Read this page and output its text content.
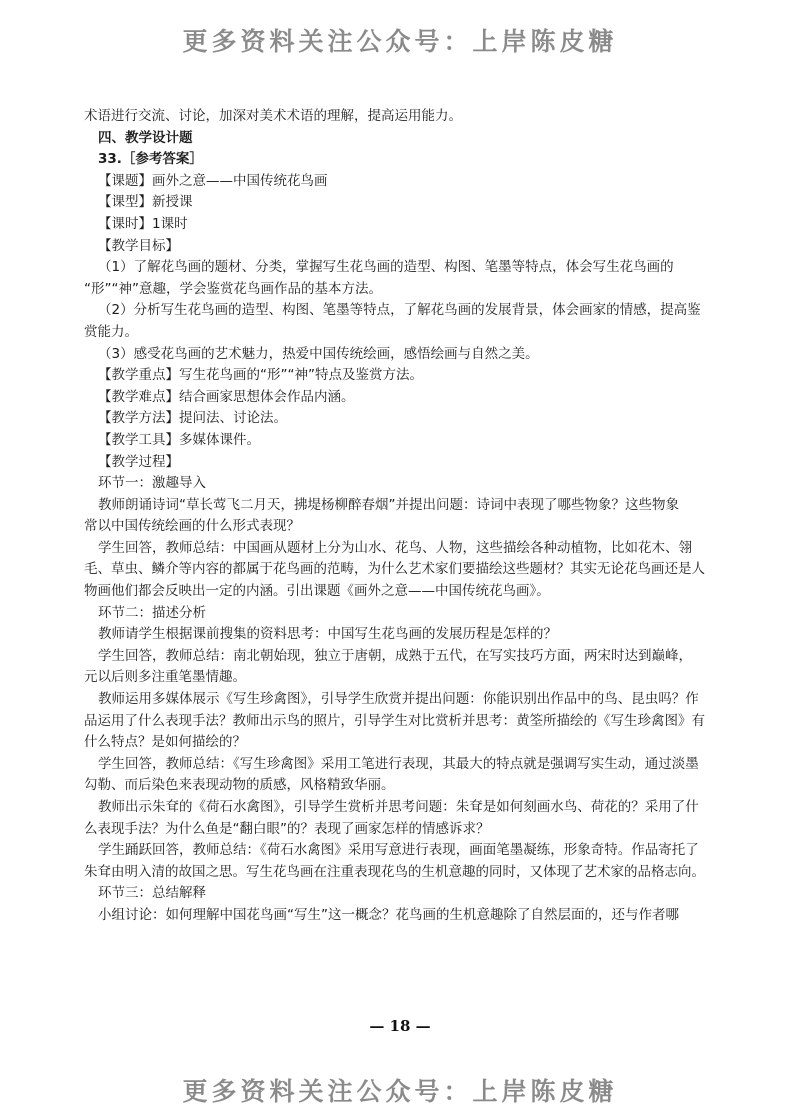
更多资料关注公众号：上岸陈皮糖
术语进行交流、讨论，加深对美术术语的理解，提高运用能力。
四、教学设计题
33.［参考答案］
【课题】画外之意——中国传统花鸟画
【课型】新授课
【课时】1课时
【教学目标】
（1）了解花鸟画的题材、分类，掌握写生花鸟画的造型、构图、笔墨等特点，体会写生花鸟画的
“形”“神”意趣，学会鉴赏花鸟画作品的基本方法。
（2）分析写生花鸟画的造型、构图、笔墨等特点，了解花鸟画的发展背景，体会画家的情感，提高鉴
赏能力。
（3）感受花鸟画的艺术魅力，热爱中国传统绘画，感悟绘画与自然之美。
【教学重点】写生花鸟画的“形”“神”特点及鉴赏方法。
【教学难点】结合画家思想体会作品内涵。
【教学方法】提问法、讨论法。
【教学工具】多媒体课件。
【教学过程】
环节一：激趣导入
教师朗诵诗词“草长莺飞二月天，拂堤杨柳醉春烟”并提出问题：诗词中表现了哪些物象？这些物象
常以中国传统绘画的什么形式表现？
学生回答，教师总结：中国画从题材上分为山水、花鸟、人物，这些描绘各种动植物，比如花木、翎
毛、草虫、鳞介等内容的都属于花鸟画的范畴，为什么艺术家们要描绘这些题材？其实无论花鸟画还是人
物画他们都会反映出一定的内涵。引出课题《画外之意——中国传统花鸟画》。
环节二：描述分析
教师请学生根据课前搜集的资料思考：中国写生花鸟画的发展历程是怎样的？
学生回答，教师总结：南北朝始现，独立于唐朝，成熟于五代，在写实技巧方面，两宋时达到巅峰，
元以后则多注重笔墨情趣。
教师运用多媒体展示《写生珍禽图》，引导学生欣赏并提出问题：你能识别出作品中的鸟、昆虫吗？作
品运用了什么表现手法？教师出示鸟的照片，引导学生对比赏析并思考：黄筌所描绘的《写生珍禽图》有
什么特点？是如何描绘的？
学生回答，教师总结：《写生珍禽图》采用工笔进行表现，其最大的特点就是强调写实生动，通过淡墨
勾勒、而后染色来表现动物的质感，风格精致华丽。
教师出示朱耷的《荷石水禽图》，引导学生赏析并思考问题：朱耷是如何刻画水鸟、荷花的？采用了什
么表现手法？为什么鱼是“翻白眼”的？表现了画家怎样的情感诉求？
学生踊跃回答，教师总结：《荷石水禽图》采用写意进行表现，画面笔墨凝练，形象奇特。作品寄托了
朱耷由明入清的故国之思。写生花鸟画在注重表现花鸟的生机意趣的同时，又体现了艺术家的品格志向。
环节三：总结解释
小组讨论：如何理解中国花鸟画“写生”这一概念？花鸟画的生机意趣除了自然层面的，还与作者哪
— 18 —
更多资料关注公众号：上岸陈皮糖
